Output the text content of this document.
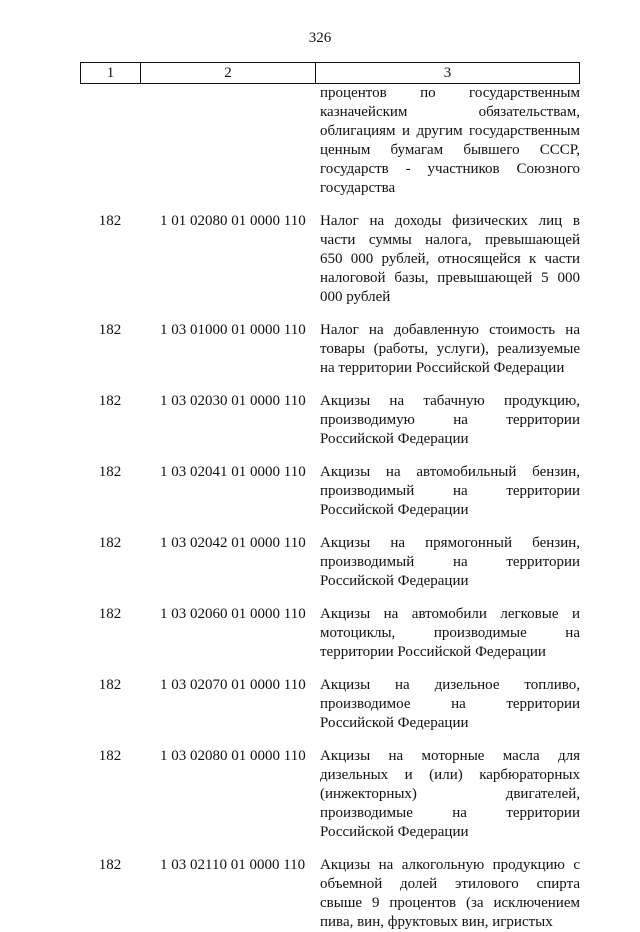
326
1	2	3
процентов по государственным
казначейским обязательствам,
облигациям и другим государственным
ценным бумагам бывшего СССР,
государств - участников Союзного
государства
182	1 01 02080 01 0000 110 Налог на доходы физических лиц в
части суммы налога, превышающей
650 000 рублей, относящейся к части
налоговой базы, превышающей 5 000
000 рублей
182	1 03 01000 01 0000 110 Налог на добавленную стоимость на
товары (работы, услуги), реализуемые
на территории Российской Федерации
182	1 03 02030 01 0000 110 Акцизы на табачную продукцию,
производимую на территории
Российской Федерации
182	1 03 02041 01 0000 110 Акцизы на автомобильный бензин,
производимый на территории
Российской Федерации
182	1 03 02042 01 0000 110 Акцизы на прямогонный бензин,
производимый на территории
Российской Федерации
182	1 03 02060 01 0000 110 Акцизы на автомобили легковые и
мотоциклы, производимые на
территории Российской Федерации
182	1 03 02070 01 0000 110 Акцизы на дизельное топливо,
производимое на территории
Российской Федерации
182	1 03 02080 01 0000 110 Акцизы на моторные масла для
дизельных и (или) карбюраторных
(инжекторных) двигателей,
производимые на территории
Российской Федерации
182	1 03 02110 01 0000 110 Акцизы на алкогольную продукцию с
объемной долей этилового спирта
свыше 9 процентов (за исключением
пива, вин, фруктовых вин, игристых
